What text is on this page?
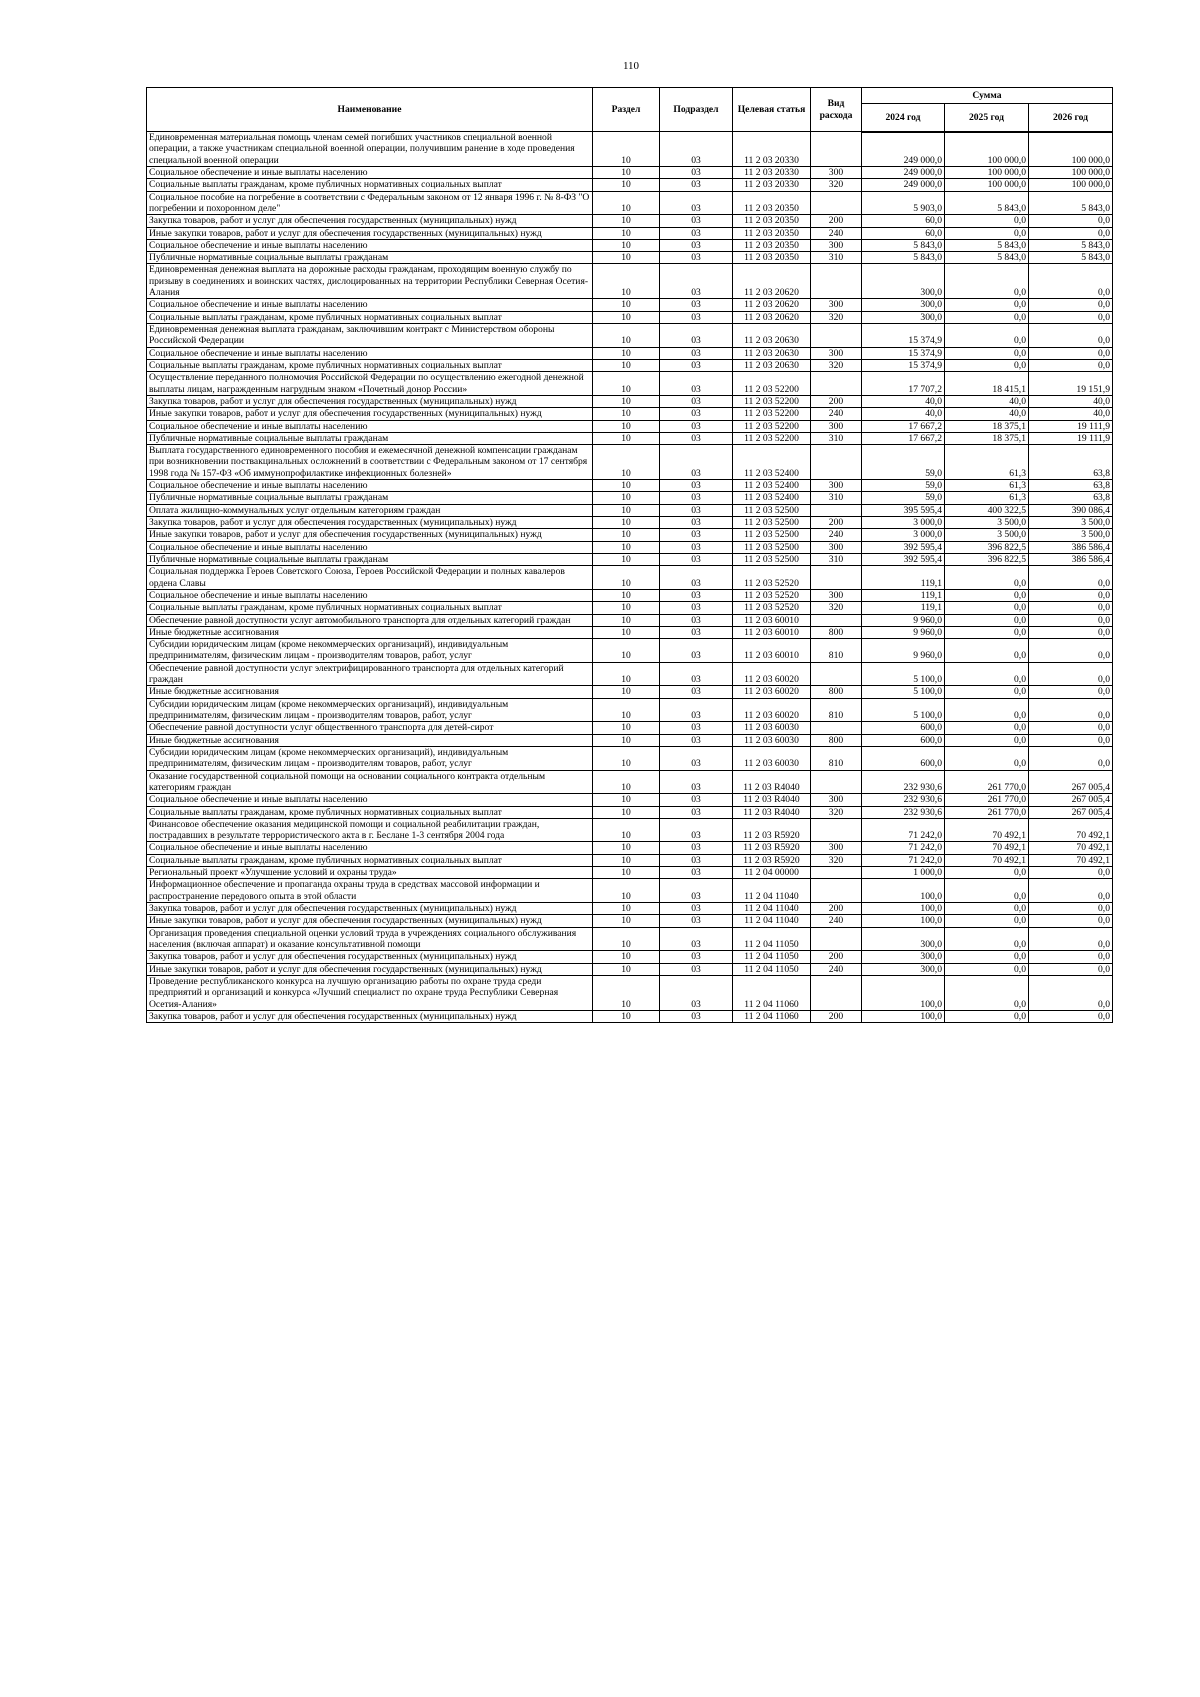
110
Наименование	Раздел	Подраздел	Целевая статья	Вид расхода	Сумма		
					2024 год	2025 год	2026 год
Единовременная материальная помощь членам семей погибших участников специальной военной операции, а также участникам специальной военной операции, получившим ранение в ходе проведения специальной военной операции	10	03	11 2 03 20330		249 000,0	100 000,0	100 000,0
Социальное обеспечение и иные выплаты населению	10	03	11 2 03 20330	300	249 000,0	100 000,0	100 000,0
Социальные выплаты гражданам, кроме публичных нормативных социальных выплат	10	03	11 2 03 20330	320	249 000,0	100 000,0	100 000,0
Социальное пособие на погребение в соответствии с Федеральным законом от 12 января 1996 г. № 8-ФЗ "О погребении и похоронном деле"	10	03	11 2 03 20350		5 903,0	5 843,0	5 843,0
Закупка товаров, работ и услуг для обеспечения государственных (муниципальных) нужд	10	03	11 2 03 20350	200	60,0	0,0	0,0
Иные закупки товаров, работ и услуг для обеспечения государственных (муниципальных) нужд	10	03	11 2 03 20350	240	60,0	0,0	0,0
Социальное обеспечение и иные выплаты населению	10	03	11 2 03 20350	300	5 843,0	5 843,0	5 843,0
Публичные нормативные социальные выплаты гражданам	10	03	11 2 03 20350	310	5 843,0	5 843,0	5 843,0
Единовременная денежная выплата на дорожные расходы гражданам, проходящим военную службу по призыву в соединениях и воинских частях, дислоцированных на территории Республики Северная Осетия-Алания	10	03	11 2 03 20620		300,0	0,0	0,0
Социальное обеспечение и иные выплаты населению	10	03	11 2 03 20620	300	300,0	0,0	0,0
Социальные выплаты гражданам, кроме публичных нормативных социальных выплат	10	03	11 2 03 20620	320	300,0	0,0	0,0
Единовременная денежная выплата гражданам, заключившим контракт с Министерством обороны Российской Федерации	10	03	11 2 03 20630		15 374,9	0,0	0,0
Социальное обеспечение и иные выплаты населению	10	03	11 2 03 20630	300	15 374,9	0,0	0,0
Социальные выплаты гражданам, кроме публичных нормативных социальных выплат	10	03	11 2 03 20630	320	15 374,9	0,0	0,0
Осуществление переданного полномочия Российской Федерации по осуществлению ежегодной денежной выплаты лицам, награжденным нагрудным знаком «Почетный донор России»	10	03	11 2 03 52200		17 707,2	18 415,1	19 151,9
Закупка товаров, работ и услуг для обеспечения государственных (муниципальных) нужд	10	03	11 2 03 52200	200	40,0	40,0	40,0
Иные закупки товаров, работ и услуг для обеспечения государственных (муниципальных) нужд	10	03	11 2 03 52200	240	40,0	40,0	40,0
Социальное обеспечение и иные выплаты населению	10	03	11 2 03 52200	300	17 667,2	18 375,1	19 111,9
Публичные нормативные социальные выплаты гражданам	10	03	11 2 03 52200	310	17 667,2	18 375,1	19 111,9
Выплата государственного единовременного пособия и ежемесячной денежной компенсации гражданам при возникновении поствакцинальных осложнений в соответствии с Федеральным законом от 17 сентября 1998 года № 157-ФЗ «Об иммунопрофилактике инфекционных болезней»	10	03	11 2 03 52400		59,0	61,3	63,8
Социальное обеспечение и иные выплаты населению	10	03	11 2 03 52400	300	59,0	61,3	63,8
Публичные нормативные социальные выплаты гражданам	10	03	11 2 03 52400	310	59,0	61,3	63,8
Оплата жилищно-коммунальных услуг отдельным категориям граждан	10	03	11 2 03 52500		395 595,4	400 322,5	390 086,4
Закупка товаров, работ и услуг для обеспечения государственных (муниципальных) нужд	10	03	11 2 03 52500	200	3 000,0	3 500,0	3 500,0
Иные закупки товаров, работ и услуг для обеспечения государственных (муниципальных) нужд	10	03	11 2 03 52500	240	3 000,0	3 500,0	3 500,0
Социальное обеспечение и иные выплаты населению	10	03	11 2 03 52500	300	392 595,4	396 822,5	386 586,4
Публичные нормативные социальные выплаты гражданам	10	03	11 2 03 52500	310	392 595,4	396 822,5	386 586,4
Социальная поддержка Героев Советского Союза, Героев Российской Федерации и полных кавалеров ордена Славы	10	03	11 2 03 52520		119,1	0,0	0,0
Социальное обеспечение и иные выплаты населению	10	03	11 2 03 52520	300	119,1	0,0	0,0
Социальные выплаты гражданам, кроме публичных нормативных социальных выплат	10	03	11 2 03 52520	320	119,1	0,0	0,0
Обеспечение равной доступности услуг автомобильного транспорта для отдельных категорий граждан	10	03	11 2 03 60010		9 960,0	0,0	0,0
Иные бюджетные ассигнования	10	03	11 2 03 60010	800	9 960,0	0,0	0,0
Субсидии юридическим лицам (кроме некоммерческих организаций), индивидуальным предпринимателям, физическим лицам - производителям товаров, работ, услуг	10	03	11 2 03 60010	810	9 960,0	0,0	0,0
Обеспечение равной доступности услуг электрифицированного транспорта для отдельных категорий граждан	10	03	11 2 03 60020		5 100,0	0,0	0,0
Иные бюджетные ассигнования	10	03	11 2 03 60020	800	5 100,0	0,0	0,0
Субсидии юридическим лицам (кроме некоммерческих организаций), индивидуальным предпринимателям, физическим лицам - производителям товаров, работ, услуг	10	03	11 2 03 60020	810	5 100,0	0,0	0,0
Обеспечение равной доступности услуг общественного транспорта для детей-сирот	10	03	11 2 03 60030		600,0	0,0	0,0
Иные бюджетные ассигнования	10	03	11 2 03 60030	800	600,0	0,0	0,0
Субсидии юридическим лицам (кроме некоммерческих организаций), индивидуальным предпринимателям, физическим лицам - производителям товаров, работ, услуг	10	03	11 2 03 60030	810	600,0	0,0	0,0
Оказание государственной социальной помощи на основании социального контракта отдельным категориям граждан	10	03	11 2 03 R4040		232 930,6	261 770,0	267 005,4
Социальное обеспечение и иные выплаты населению	10	03	11 2 03 R4040	300	232 930,6	261 770,0	267 005,4
Социальные выплаты гражданам, кроме публичных нормативных социальных выплат	10	03	11 2 03 R4040	320	232 930,6	261 770,0	267 005,4
Финансовое обеспечение оказания медицинской помощи и социальной реабилитации граждан, пострадавших в результате террористического акта в г. Беслане 1-3 сентября 2004 года	10	03	11 2 03 R5920		71 242,0	70 492,1	70 492,1
Социальное обеспечение и иные выплаты населению	10	03	11 2 03 R5920	300	71 242,0	70 492,1	70 492,1
Социальные выплаты гражданам, кроме публичных нормативных социальных выплат	10	03	11 2 03 R5920	320	71 242,0	70 492,1	70 492,1
Региональный проект «Улучшение условий и охраны труда»	10	03	11 2 04 00000		1 000,0	0,0	0,0
Информационное обеспечение и пропаганда охраны труда в средствах массовой информации и распространение передового опыта в этой области	10	03	11 2 04 11040		100,0	0,0	0,0
Закупка товаров, работ и услуг для обеспечения государственных (муниципальных) нужд	10	03	11 2 04 11040	200	100,0	0,0	0,0
Иные закупки товаров, работ и услуг для обеспечения государственных (муниципальных) нужд	10	03	11 2 04 11040	240	100,0	0,0	0,0
Организация проведения специальной оценки условий труда в учреждениях социального обслуживания населения (включая аппарат) и оказание консультативной помощи	10	03	11 2 04 11050		300,0	0,0	0,0
Закупка товаров, работ и услуг для обеспечения государственных (муниципальных) нужд	10	03	11 2 04 11050	200	300,0	0,0	0,0
Иные закупки товаров, работ и услуг для обеспечения государственных (муниципальных) нужд	10	03	11 2 04 11050	240	300,0	0,0	0,0
Проведение республиканского конкурса на лучшую организацию работы по охране труда среди предприятий и организаций и конкурса «Лучший специалист по охране труда Республики Северная Осетия-Алания»	10	03	11 2 04 11060		100,0	0,0	0,0
Закупка товаров, работ и услуг для обеспечения государственных (муниципальных) нужд	10	03	11 2 04 11060	200	100,0	0,0	0,0
